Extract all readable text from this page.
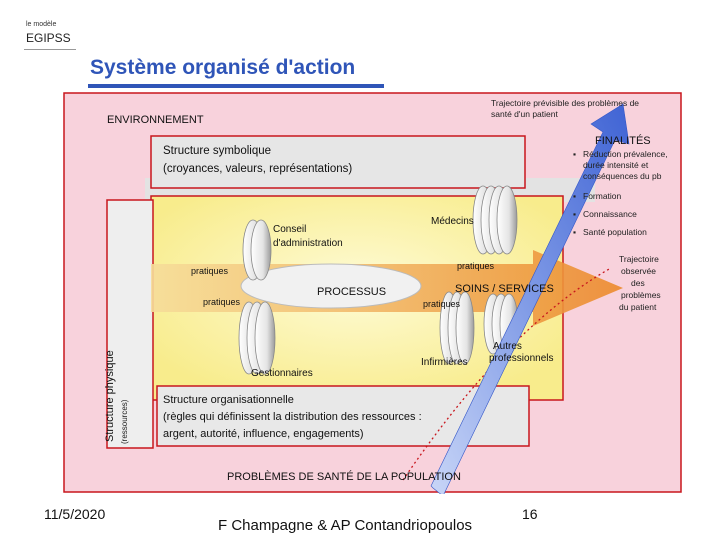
le modèle
EGIPSS
Système organisé d'action
ENVIRONNEMENT
Trajectoire prévisible des problèmes de
santé d'un patient
Structure symbolique
(croyances, valeurs, représentations)
FINALITÉS
▪ Réduction prévalence,
durée intensité et
conséquences du pb
▪ Formation
▪ Connaissance
▪ Santé population
Conseil
d'administration
Médecins
pratiques	pratiques
pratiques	pratiques
PROCESSUS	SOINS / SERVICES
Gestionnaires
Infirmières
Autres
professionnels
Trajectoire
observée
des
problèmes
du patient
Structure physique (ressources)	Structure organisationnelle
(règles qui définissent la distribution des ressources :
argent, autorité, influence, engagements)
PROBLÈMES DE SANTÉ DE LA POPULATION
11/5/2020
F Champagne & AP Contandriopoulos
16
